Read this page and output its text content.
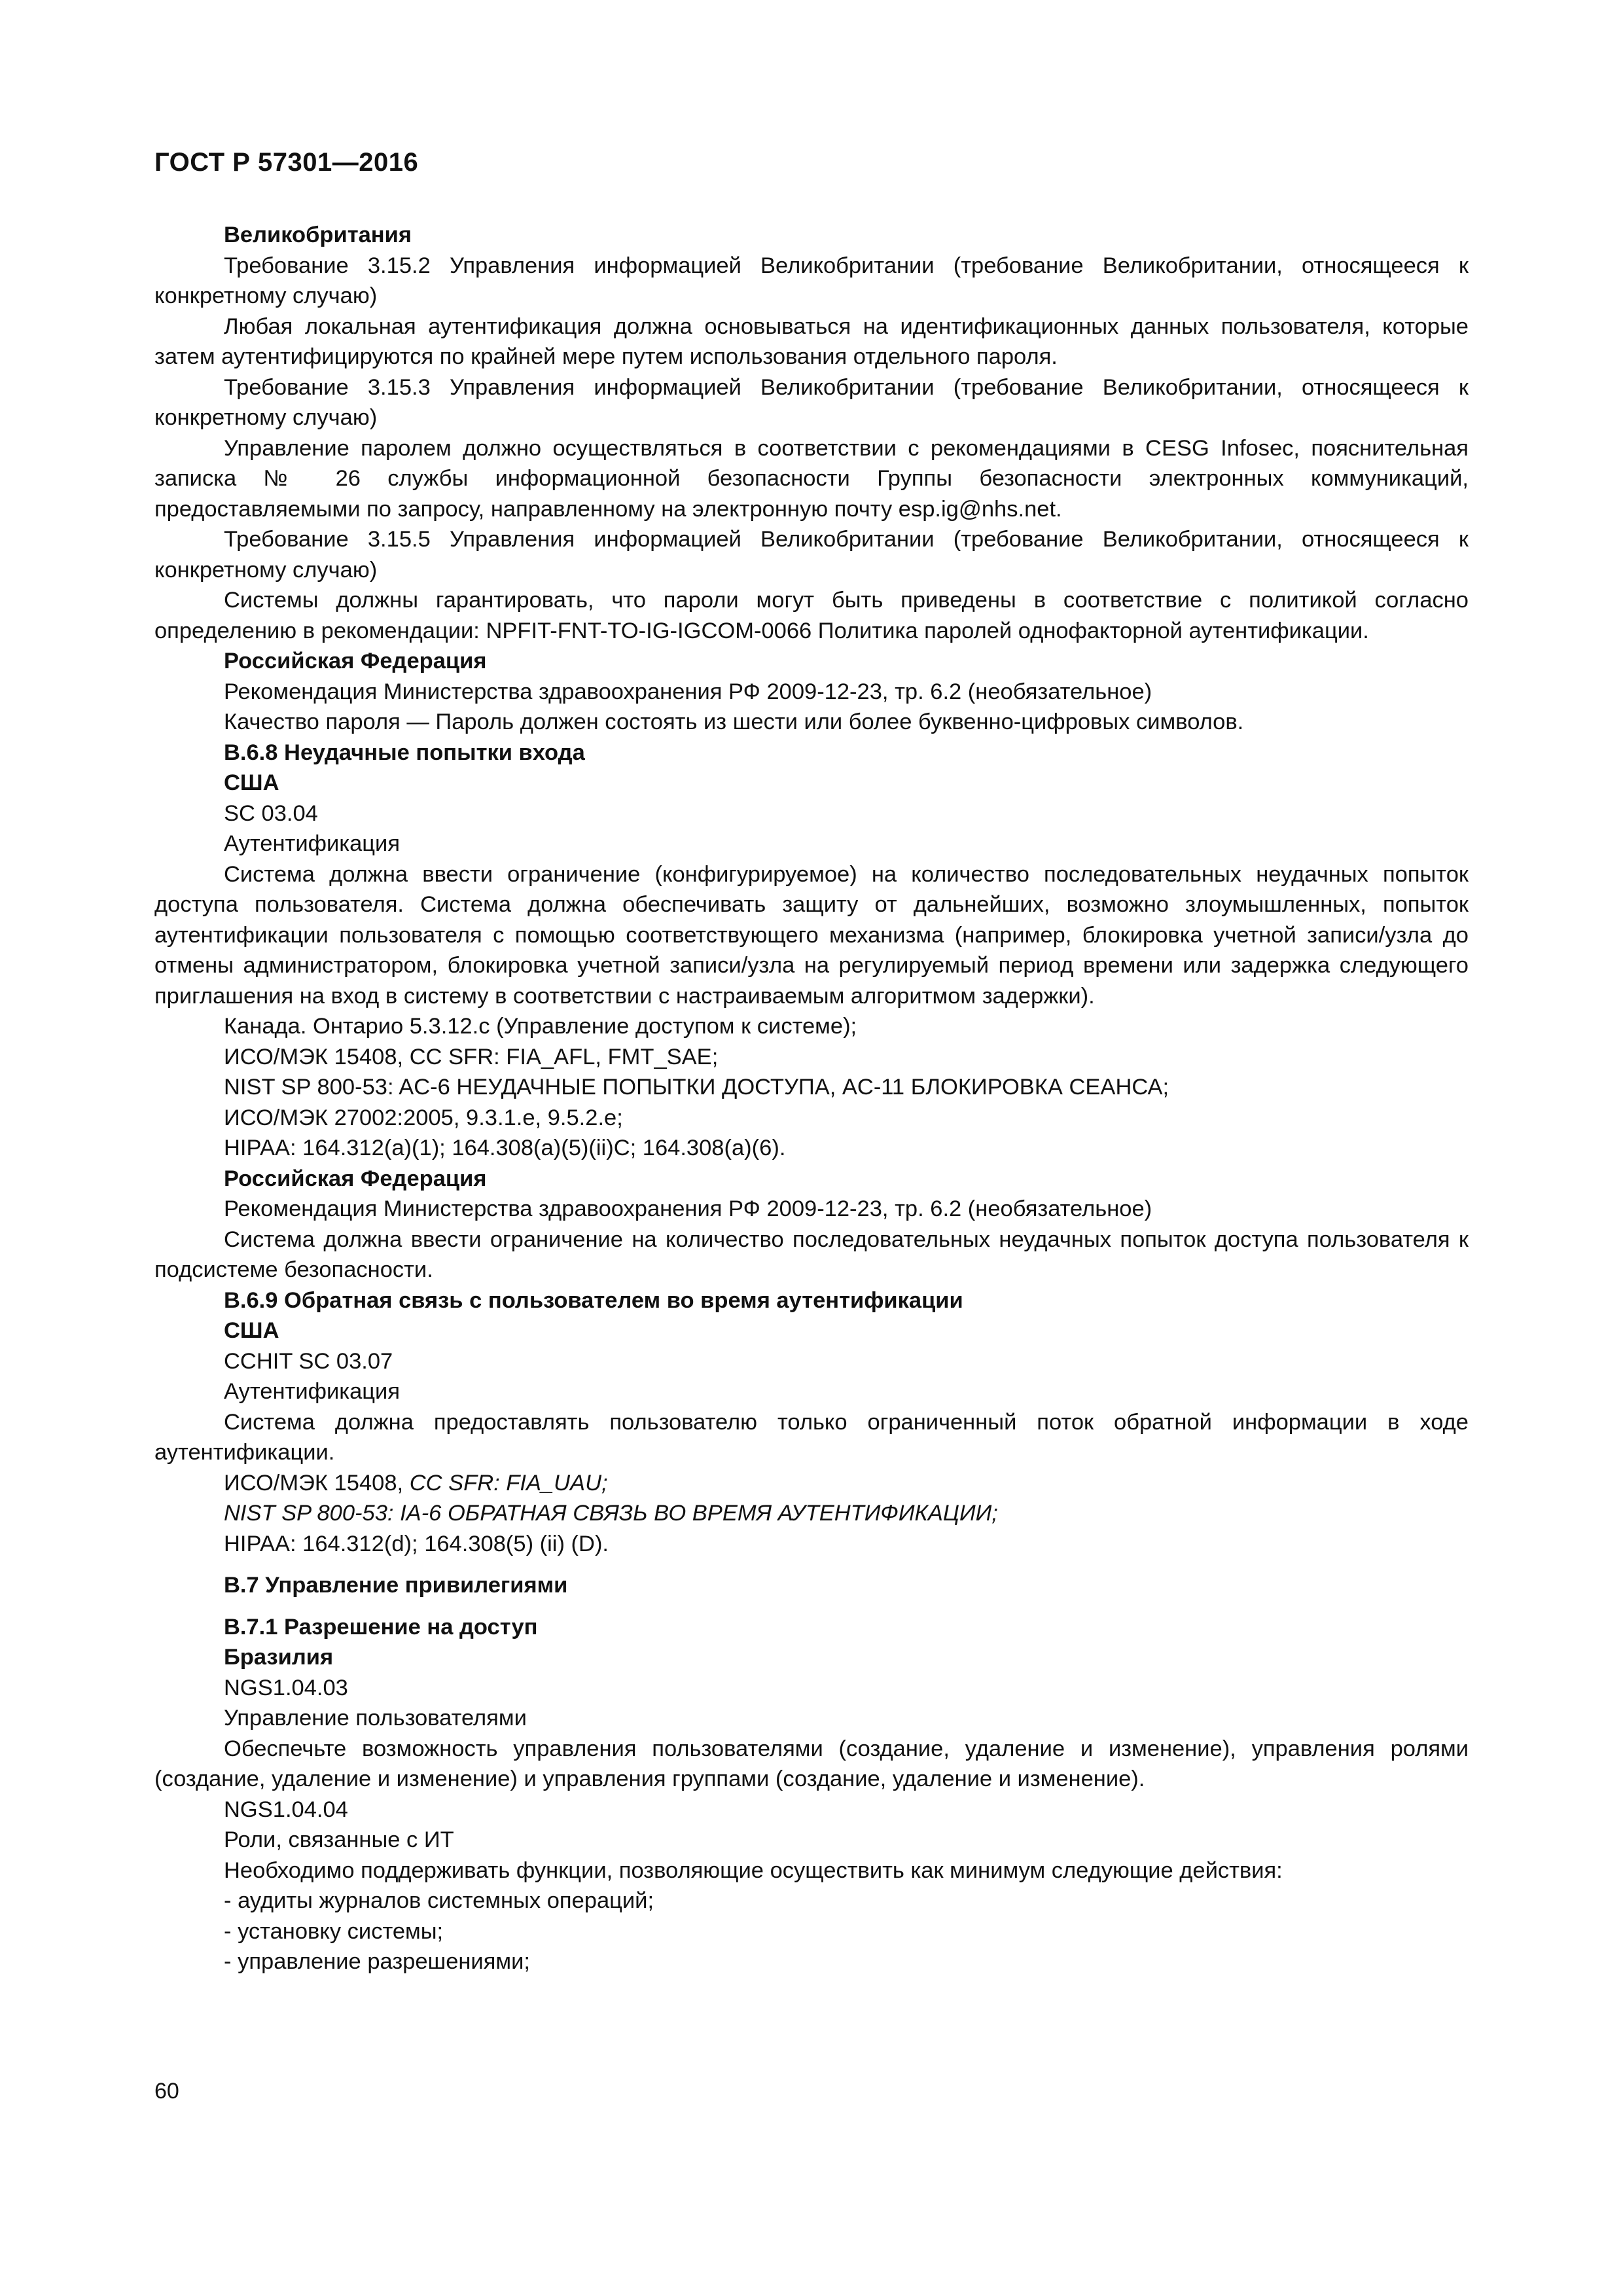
ГОСТ Р 57301—2016

Великобритания

Требование 3.15.2 Управления информацией Великобритании (требование Великобритании, относящееся к конкретному случаю)

Любая локальная аутентификация должна основываться на идентификационных данных пользователя, которые затем аутентифицируются по крайней мере путем использования отдельного пароля.

Требование 3.15.3 Управления информацией Великобритании (требование Великобритании, относящееся к конкретному случаю)

Управление паролем должно осуществляться в соответствии с рекомендациями в CESG Infosec, пояснительная записка № 26 службы информационной безопасности Группы безопасности электронных коммуникаций, предоставляемыми по запросу, направленному на электронную почту esp.ig@nhs.net.

Требование 3.15.5 Управления информацией Великобритании (требование Великобритании, относящееся к конкретному случаю)

Системы должны гарантировать, что пароли могут быть приведены в соответствие с политикой согласно определению в рекомендации: NPFIT-FNT-TO-IG-IGCOM-0066 Политика паролей однофакторной аутентификации.

Российская Федерация

Рекомендация Министерства здравоохранения РФ 2009-12-23, тр. 6.2 (необязательное)

Качество пароля — Пароль должен состоять из шести или более буквенно-цифровых символов.

В.6.8 Неудачные попытки входа

США

SC 03.04

Аутентификация

Система должна ввести ограничение (конфигурируемое) на количество последовательных неудачных попыток доступа пользователя. Система должна обеспечивать защиту от дальнейших, возможно злоумышленных, попыток аутентификации пользователя с помощью соответствующего механизма (например, блокировка учетной записи/узла до отмены администратором, блокировка учетной записи/узла на регулируемый период времени или задержка следующего приглашения на вход в систему в соответствии с настраиваемым алгоритмом задержки).

Канада. Онтарио 5.3.12.c (Управление доступом к системе);

ИСО/МЭК 15408, CC SFR: FIA_AFL, FMT_SAE;

NIST SP 800-53: AC-6 НЕУДАЧНЫЕ ПОПЫТКИ ДОСТУПА, AC-11 БЛОКИРОВКА СЕАНСА;

ИСО/МЭК 27002:2005, 9.3.1.e, 9.5.2.e;

HIPAA: 164.312(a)(1); 164.308(a)(5)(ii)C; 164.308(a)(6).

Российская Федерация

Рекомендация Министерства здравоохранения РФ 2009-12-23, тр. 6.2 (необязательное)

Система должна ввести ограничение на количество последовательных неудачных попыток доступа пользователя к подсистеме безопасности.

В.6.9 Обратная связь с пользователем во время аутентификации

США

CCHIT SC 03.07

Аутентификация

Система должна предоставлять пользователю только ограниченный поток обратной информации в ходе аутентификации.

ИСО/МЭК 15408, CC SFR: FIA_UAU;

NIST SP 800-53: IA-6 ОБРАТНАЯ СВЯЗЬ ВО ВРЕМЯ АУТЕНТИФИКАЦИИ;

HIPAA: 164.312(d); 164.308(5) (ii) (D).

В.7 Управление привилегиями

В.7.1 Разрешение на доступ

Бразилия

NGS1.04.03

Управление пользователями

Обеспечьте возможность управления пользователями (создание, удаление и изменение), управления ролями (создание, удаление и изменение) и управления группами (создание, удаление и изменение).

NGS1.04.04

Роли, связанные с ИТ

Необходимо поддерживать функции, позволяющие осуществить как минимум следующие действия:

- аудиты журналов системных операций;

- установку системы;

- управление разрешениями;

60
